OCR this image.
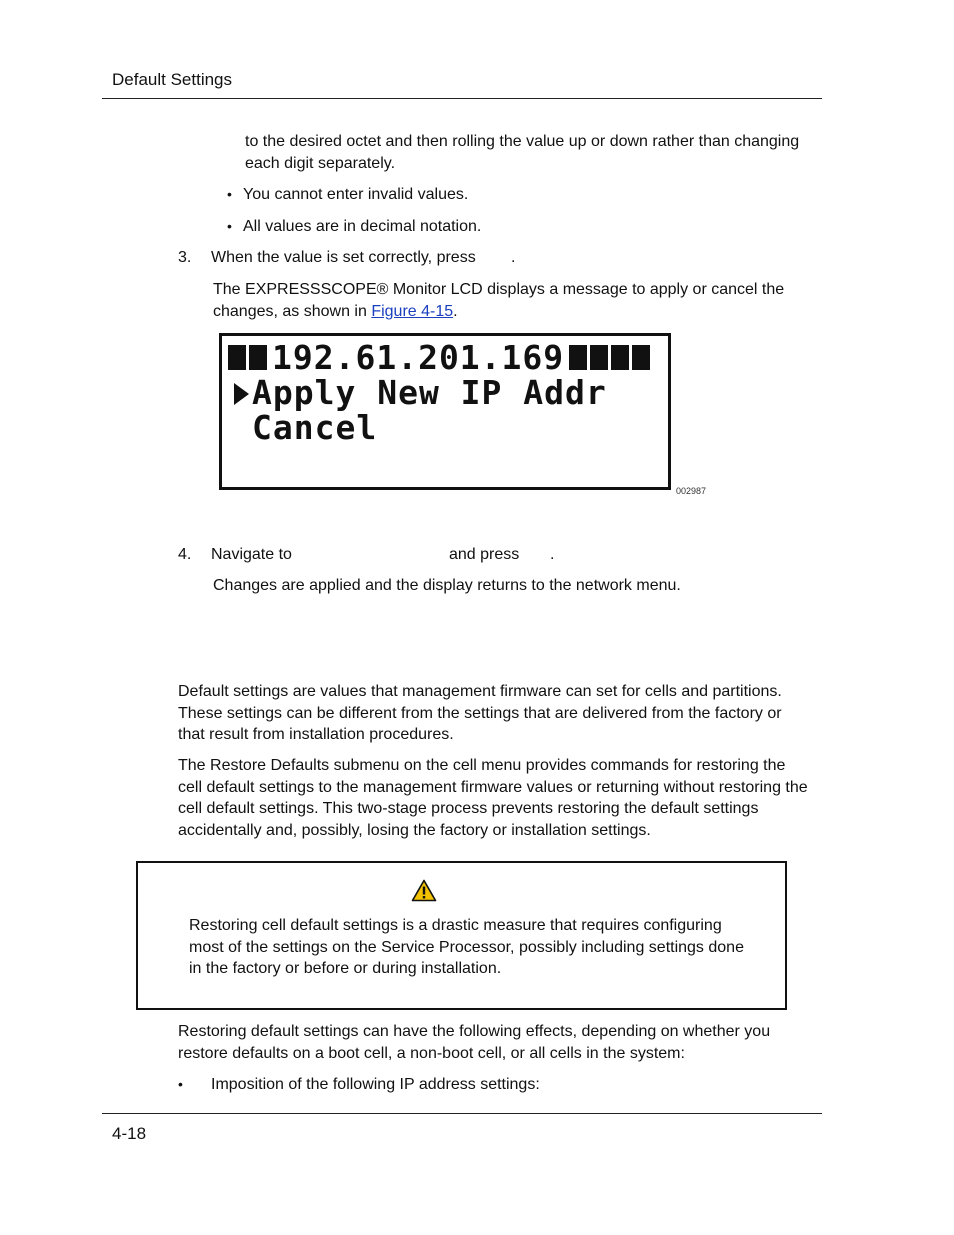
Default Settings
to the desired octet and then rolling the value up or down rather than changing each digit separately.
• You cannot enter invalid values.
• All values are in decimal notation.
3. When the value is set correctly, press .
The EXPRESSSCOPE® Monitor LCD displays a message to apply or cancel the changes, as shown in Figure 4-15.
192.61.201.169
Apply New IP Addr
Cancel
002987
4. Navigate to	and press .
Changes are applied and the display returns to the network menu.
Default settings are values that management firmware can set for cells and partitions. These settings can be different from the settings that are delivered from the factory or that result from installation procedures.
The Restore Defaults submenu on the cell menu provides commands for restoring the cell default settings to the management firmware values or returning without restoring the cell default settings. This two-stage process prevents restoring the default settings accidentally and, possibly, losing the factory or installation settings.
Restoring cell default settings is a drastic measure that requires configuring most of the settings on the Service Processor, possibly including settings done in the factory or before or during installation.
Restoring default settings can have the following effects, depending on whether you restore defaults on a boot cell, a non-boot cell, or all cells in the system:
• Imposition of the following IP address settings:
4-18
